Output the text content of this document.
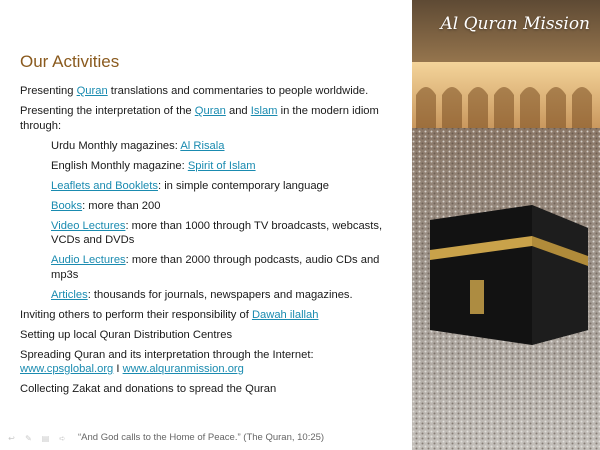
Our Activities
Presenting Quran translations and commentaries to people worldwide.
Presenting the interpretation of the Quran and Islam in the modern idiom through:
Urdu Monthly magazines: Al Risala
English Monthly magazine: Spirit of Islam
Leaflets and Booklets: in simple contemporary language
Books: more than 200
Video Lectures: more than 1000 through TV broadcasts, webcasts, VCDs and DVDs
Audio Lectures: more than 2000 through podcasts, audio CDs and mp3s
Articles: thousands for journals, newspapers and magazines.
Inviting others to perform their responsibility of Dawah ilallah
Setting up local Quran Distribution Centres
Spreading Quran and its interpretation through the Internet: www.cpsglobal.org I www.alquranmission.org
Collecting Zakat and donations to spread the Quran
↩ ✎ ▤ ➪ “And God calls to the Home of Peace.” (The Quran, 10:25)

Al Quran Mission
